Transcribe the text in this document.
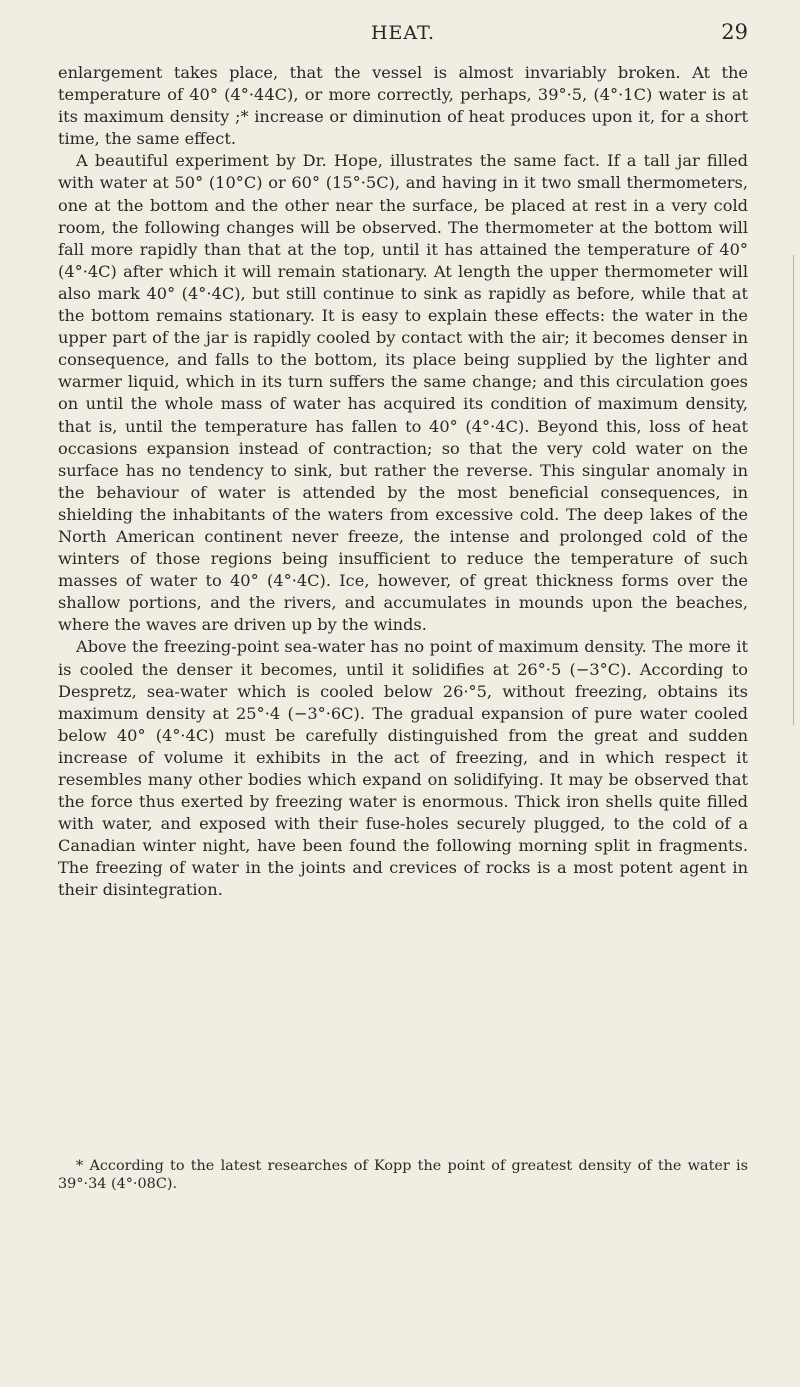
HEAT.	29

enlargement takes place, that the vessel is almost invariably broken. At the temperature of 40° (4°·44C), or more correctly, perhaps, 39°·5, (4°·1C) water is at its maximum density ;* increase or diminution of heat produces upon it, for a short time, the same effect.

A beautiful experiment by Dr. Hope, illustrates the same fact. If a tall jar filled with water at 50° (10°C) or 60° (15°·5C), and having in it two small thermometers, one at the bottom and the other near the surface, be placed at rest in a very cold room, the following changes will be observed. The thermometer at the bottom will fall more rapidly than that at the top, until it has attained the temperature of 40° (4°·4C) after which it will remain stationary. At length the upper thermometer will also mark 40° (4°·4C), but still continue to sink as rapidly as before, while that at the bottom remains stationary. It is easy to explain these effects: the water in the upper part of the jar is rapidly cooled by contact with the air; it becomes denser in consequence, and falls to the bottom, its place being supplied by the lighter and warmer liquid, which in its turn suffers the same change; and this circulation goes on until the whole mass of water has acquired its condition of maximum density, that is, until the temperature has fallen to 40° (4°·4C). Beyond this, loss of heat occasions expansion instead of contraction; so that the very cold water on the surface has no tendency to sink, but rather the reverse. This singular anomaly in the behaviour of water is attended by the most beneficial consequences, in shielding the inhabitants of the waters from excessive cold. The deep lakes of the North American continent never freeze, the intense and prolonged cold of the winters of those regions being insufficient to reduce the temperature of such masses of water to 40° (4°·4C). Ice, however, of great thickness forms over the shallow portions, and the rivers, and accumulates in mounds upon the beaches, where the waves are driven up by the winds.

Above the freezing-point sea-water has no point of maximum density. The more it is cooled the denser it becomes, until it solidifies at 26°·5 (−3°C). According to Despretz, sea-water which is cooled below 26·°5, without freezing, obtains its maximum density at 25°·4 (−3°·6C). The gradual expansion of pure water cooled below 40° (4°·4C) must be carefully distinguished from the great and sudden increase of volume it exhibits in the act of freezing, and in which respect it resembles many other bodies which expand on solidifying. It may be observed that the force thus exerted by freezing water is enormous. Thick iron shells quite filled with water, and exposed with their fuse-holes securely plugged, to the cold of a Canadian winter night, have been found the following morning split in fragments. The freezing of water in the joints and crevices of rocks is a most potent agent in their disintegration.

* According to the latest researches of Kopp the point of greatest density of the water is 39°·34 (4°·08C).
